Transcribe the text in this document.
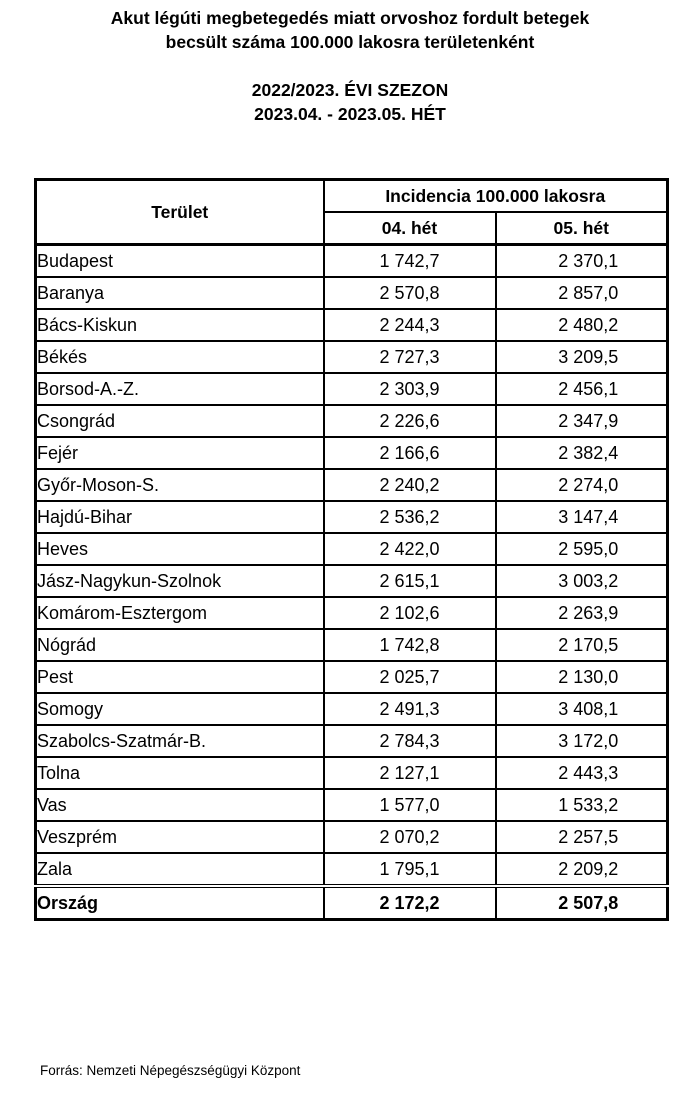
Akut légúti megbetegedés miatt orvoshoz fordult betegek
becsült száma 100.000 lakosra területenként
2022/2023. ÉVI SZEZON
2023.04. - 2023.05. HÉT
Terület	Incidencia 100.000 lakosra	
	04. hét	05. hét
Budapest	1 742,7	2 370,1
Baranya	2 570,8	2 857,0
Bács-Kiskun	2 244,3	2 480,2
Békés	2 727,3	3 209,5
Borsod-A.-Z.	2 303,9	2 456,1
Csongrád	2 226,6	2 347,9
Fejér	2 166,6	2 382,4
Győr-Moson-S.	2 240,2	2 274,0
Hajdú-Bihar	2 536,2	3 147,4
Heves	2 422,0	2 595,0
Jász-Nagykun-Szolnok	2 615,1	3 003,2
Komárom-Esztergom	2 102,6	2 263,9
Nógrád	1 742,8	2 170,5
Pest	2 025,7	2 130,0
Somogy	2 491,3	3 408,1
Szabolcs-Szatmár-B.	2 784,3	3 172,0
Tolna	2 127,1	2 443,3
Vas	1 577,0	1 533,2
Veszprém	2 070,2	2 257,5
Zala	1 795,1	2 209,2
Ország	2 172,2	2 507,8
Forrás: Nemzeti Népegészségügyi Központ
